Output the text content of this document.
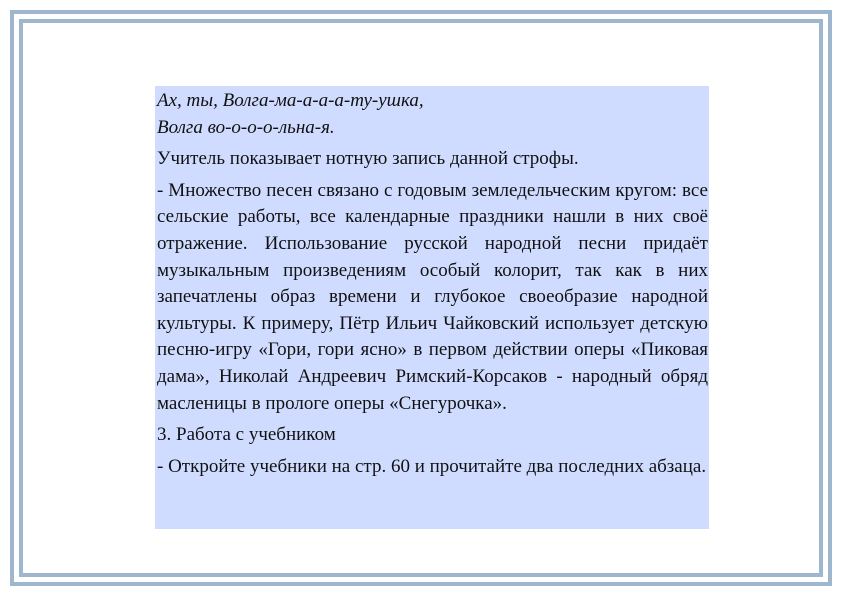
Ах, ты, Волга-ма-а-а-а-ту-ушка,

Волга во-о-о-о-льна-я.

Учитель показывает нотную запись данной строфы.

- Множество песен связано с годовым земледельческим кругом: все сельские работы, все календарные праздники нашли в них своё отражение. Использование русской народной песни придаёт музыкальным произведениям особый колорит, так как в них запечатлены образ времени и глубокое своеобразие народной культуры. К примеру, Пётр Ильич Чайковский использует детскую песню-игру «Гори, гори ясно» в первом действии оперы «Пиковая дама», Николай Андреевич Римский-Корсаков - народный обряд масленицы в прологе оперы «Снегурочка».

3. Работа с учебником

- Откройте учебники на стр. 60 и прочитайте два последних абзаца.
